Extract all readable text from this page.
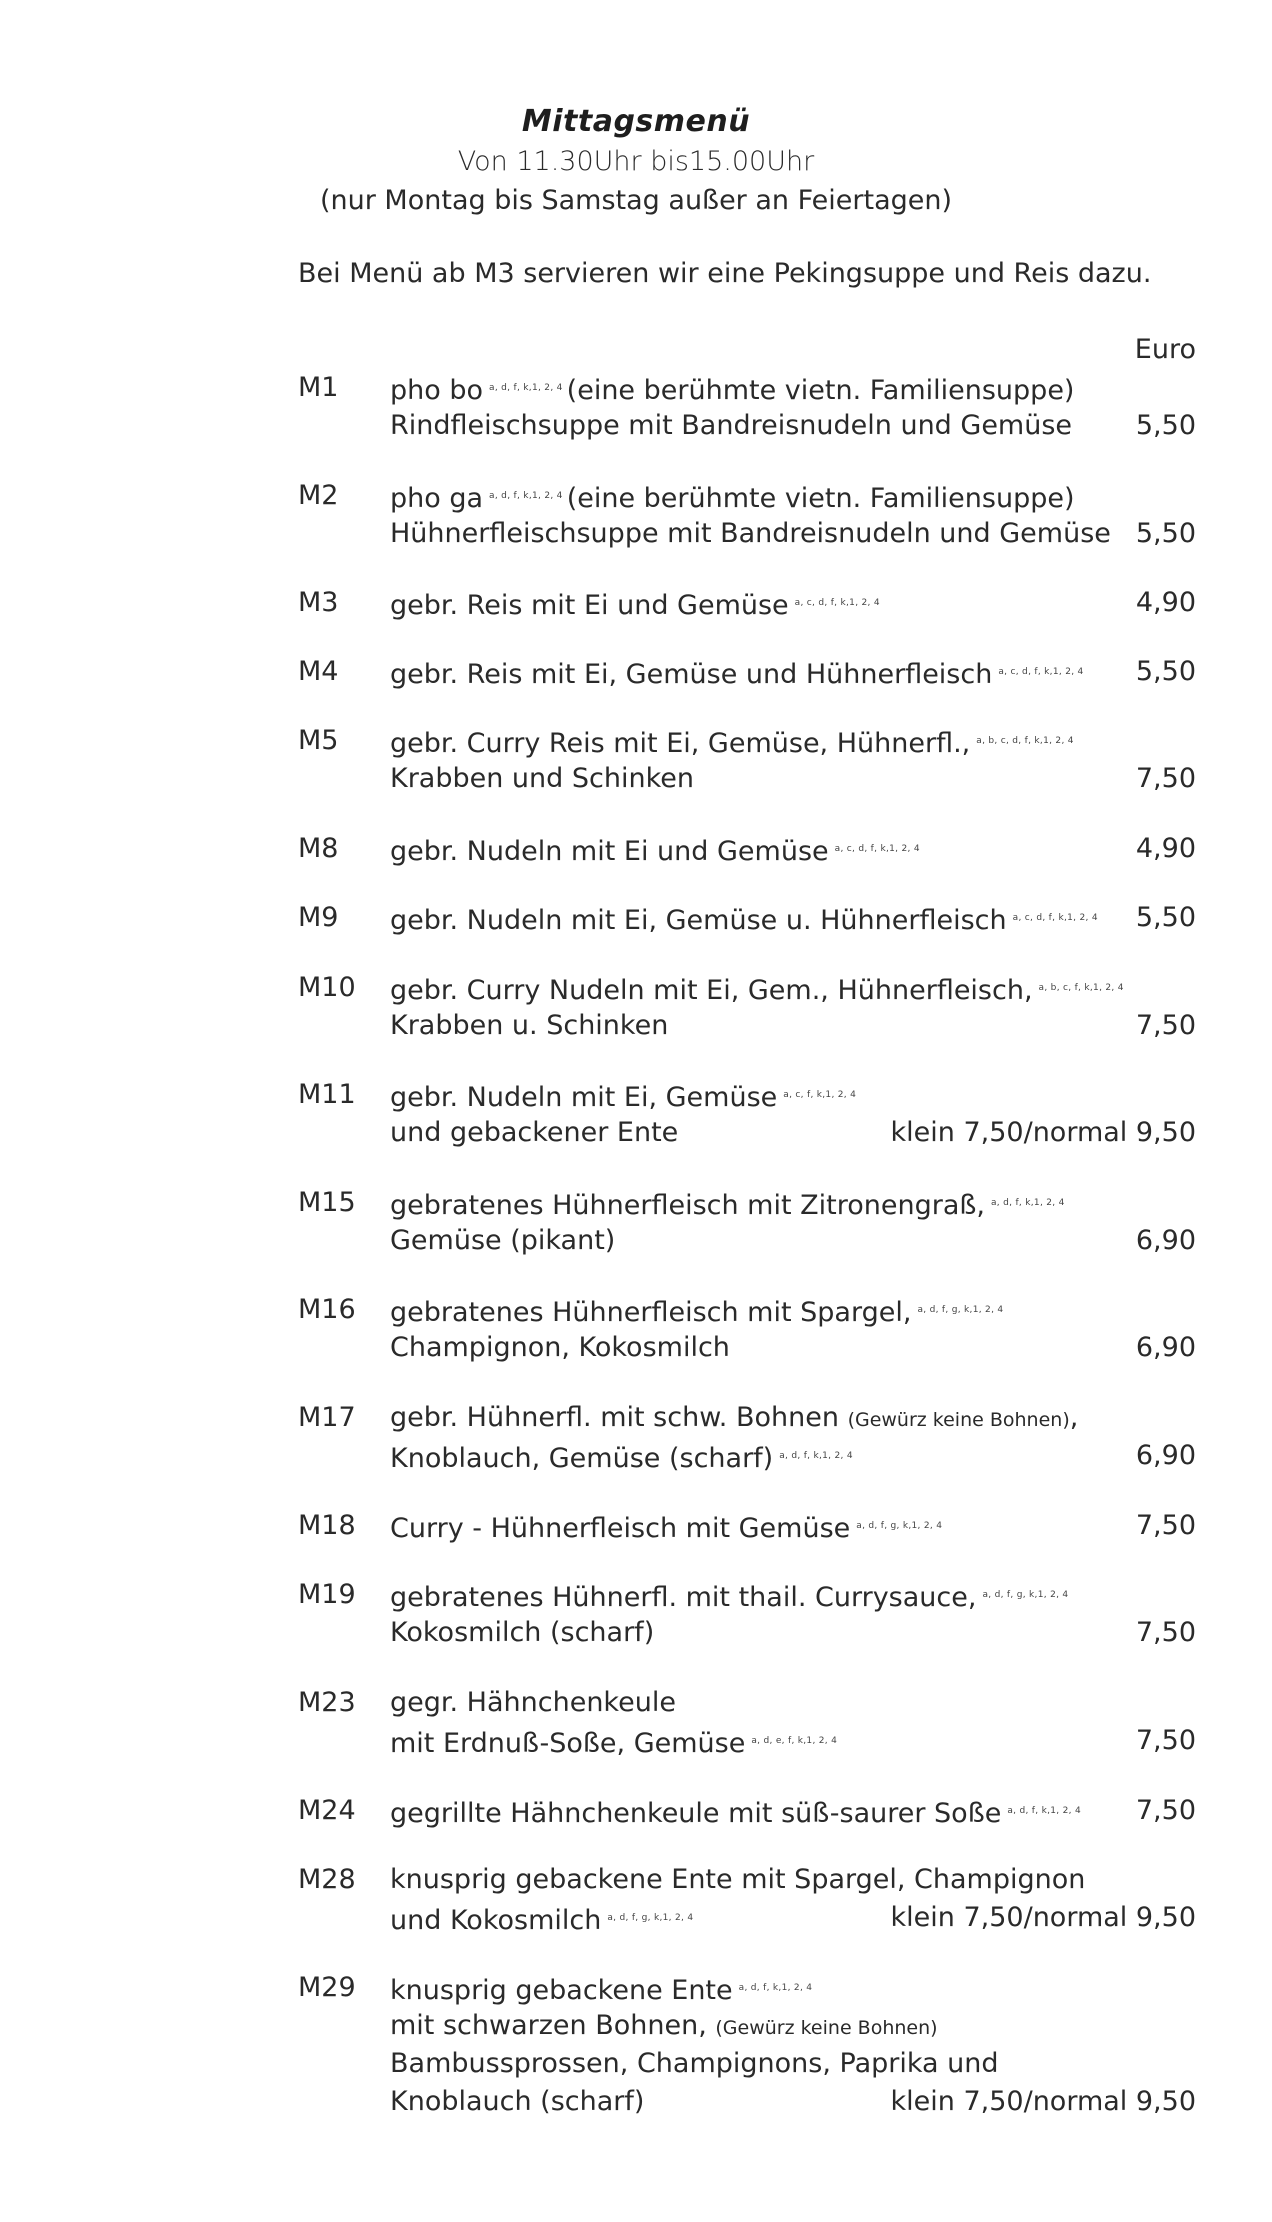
Mittagsmenü
Von 11.30Uhr bis15.00Uhr
(nur Montag bis Samstag außer an Feiertagen)
Bei Menü ab M3 servieren wir eine Pekingsuppe und Reis dazu.
Euro
M1 pho bo $^{a, d, f, k,1, 2, 4}$ (eine berühmte vietn. Familiensuppe)
Rindfleischsuppe mit Bandreisnudeln und Gemüse 5,50
M2 pho ga $^{a, d, f, k,1, 2, 4}$ (eine berühmte vietn. Familiensuppe)
Hühnerfleischsuppe mit Bandreisnudeln und Gemüse 5,50
M3 gebr. Reis mit Ei und Gemüse $^{a, c, d, f, k,1, 2, 4}$	4,90
M4 gebr. Reis mit Ei, Gemüse und Hühnerfleisch $^{a, c, d, f, k,1, 2, 4}$ 5,50
M5 gebr. Curry Reis mit Ei, Gemüse, Hühnerfl., $^{a, b, c, d, f, k,1, 2, 4}$
Krabben und Schinken	7,50
M8 gebr. Nudeln mit Ei und Gemüse $^{a, c, d, f, k,1, 2, 4}$	4,90
M9 gebr. Nudeln mit Ei, Gemüse u. Hühnerfleisch $^{a, c, d, f, k,1, 2, 4}$ 5,50
M10 gebr. Curry Nudeln mit Ei, Gem., Hühnerfleisch, $^{a, b, c, f, k,1, 2, 4}$
Krabben u. Schinken	7,50
M11 gebr. Nudeln mit Ei, Gemüse $^{a, c, f, k,1, 2, 4}$
und gebackener Ente	klein 7,50/normal 9,50
M15 gebratenes Hühnerfleisch mit Zitronengraß, $^{a, d, f, k,1, 2, 4}$
Gemüse (pikant)	6,90
M16 gebratenes Hühnerfleisch mit Spargel, $^{a, d, f, g, k,1, 2, 4}$
Champignon, Kokosmilch	6,90
M17 gebr. Hühnerfl. mit schw. Bohnen (Gewürz keine Bohnen),
Knoblauch, Gemüse (scharf) $^{a, d, f, k,1, 2, 4}$	6,90
M18 Curry - Hühnerfleisch mit Gemüse $^{a, d, f, g, k,1, 2, 4}$	7,50
M19 gebratenes Hühnerfl. mit thail. Currysauce, $^{a, d, f, g, k,1, 2, 4}$
Kokosmilch (scharf)	7,50
M23 gegr. Hähnchenkeule
mit Erdnuß-Soße, Gemüse $^{a, d, e, f, k,1, 2, 4}$	7,50
M24 gegrillte Hähnchenkeule mit süß-saurer Soße $^{a, d, f, k,1, 2, 4}$ 7,50
M28 knusprig gebackene Ente mit Spargel, Champignon
und Kokosmilch $^{a, d, f, g, k,1, 2, 4}$	klein 7,50/normal 9,50
M29 knusprig gebackene Ente $^{a, d, f, k,1, 2, 4}$
mit schwarzen Bohnen, (Gewürz keine Bohnen)
Bambussprossen, Champignons, Paprika und
Knoblauch (scharf)	klein 7,50/normal 9,50
